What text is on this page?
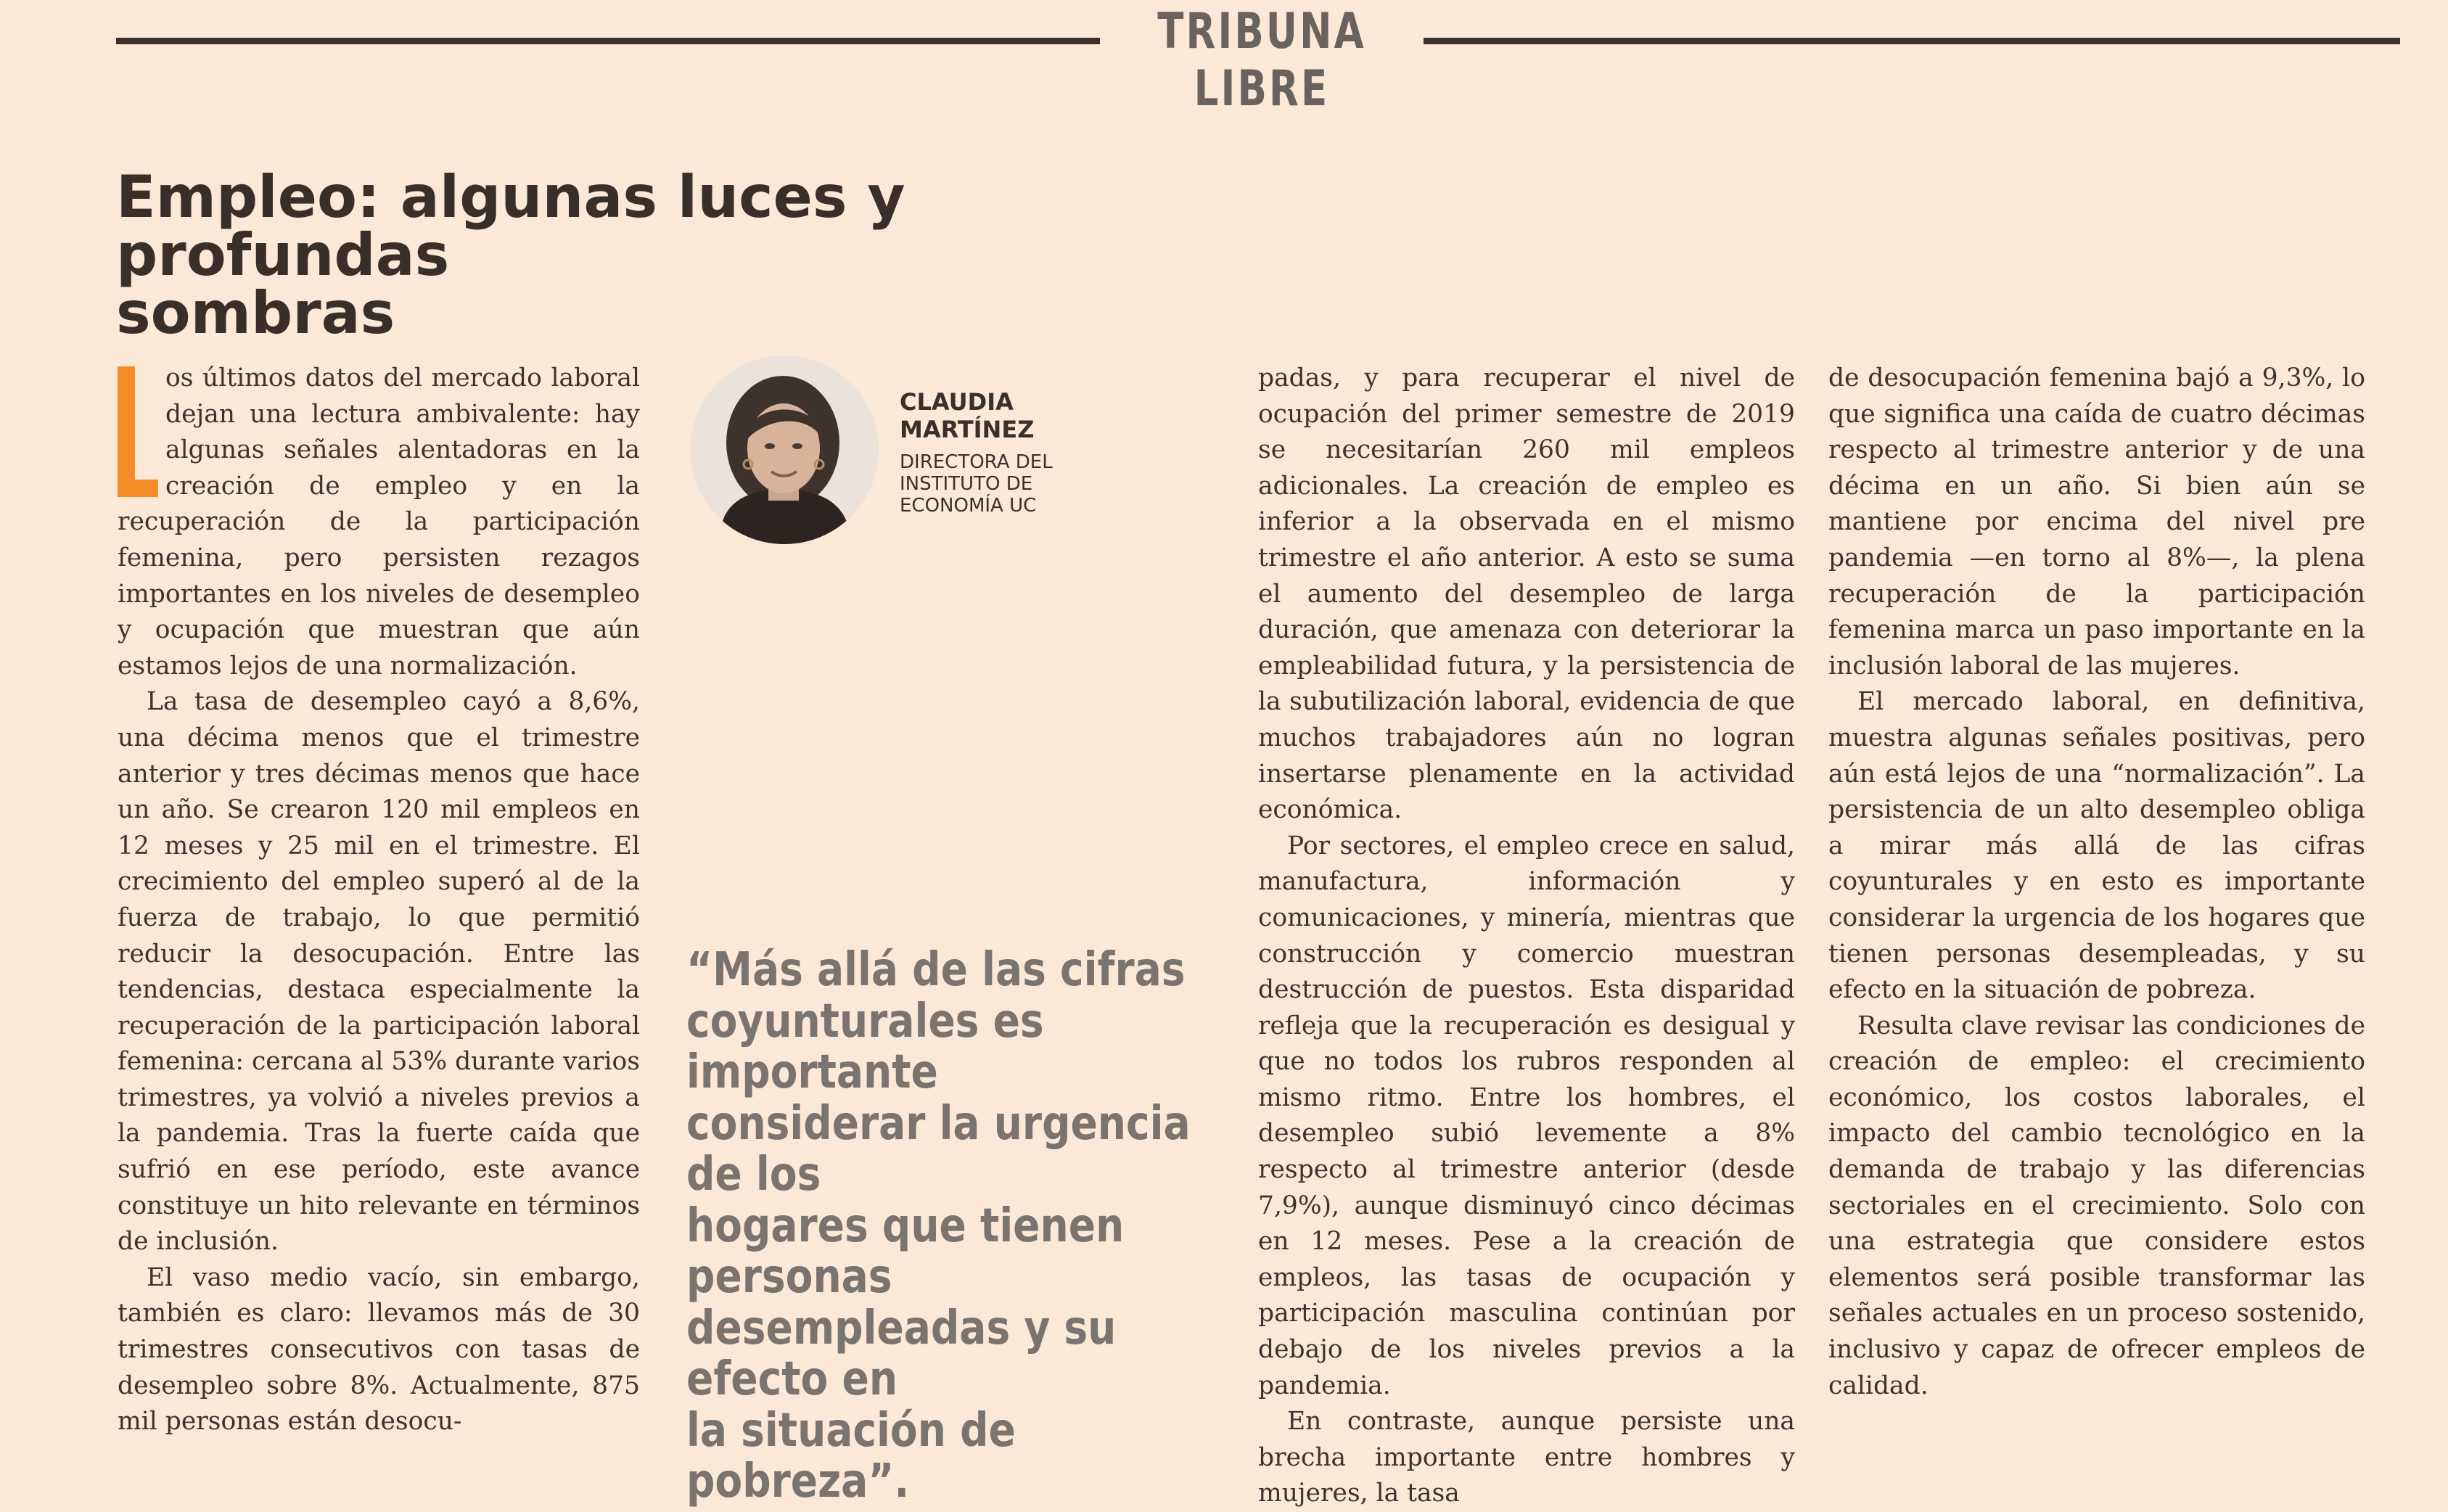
TRIBUNA LIBRE
Empleo: algunas luces y profundas
sombras

os últimos datos del mercado laboral dejan una lectura ambivalente: hay algunas señales alentadoras en la creación de empleo y en la recuperación de la participación femenina, pero persisten rezagos importantes en los niveles de desempleo y ocupación que muestran que aún estamos lejos de una normalización.

La tasa de desempleo cayó a 8,6%, una décima menos que el trimestre anterior y tres décimas menos que hace un año. Se crearon 120 mil empleos en 12 meses y 25 mil en el trimestre. El crecimiento del empleo superó al de la fuerza de trabajo, lo que permitió reducir la desocupación. Entre las tendencias, destaca especialmente la recuperación de la participación laboral femenina: cercana al 53% durante varios trimestres, ya volvió a niveles previos a la pandemia. Tras la fuerte caída que sufrió en ese período, este avance constituye un hito relevante en términos de inclusión.

El vaso medio vacío, sin embargo, también es claro: llevamos más de 30 trimestres consecutivos con tasas de desempleo sobre 8%. Actualmente, 875 mil personas están desocu-

CLAUDIA
MARTÍNEZ
DIRECTORA DEL
INSTITUTO DE
ECONOMÍA UC
“Más allá de las cifras
coyunturales es importante
considerar la urgencia de los
hogares que tienen personas
desempleadas y su efecto en
la situación de pobreza”.

padas, y para recuperar el nivel de ocupación del primer semestre de 2019 se necesitarían 260 mil empleos adicionales. La creación de empleo es inferior a la observada en el mismo trimestre el año anterior. A esto se suma el aumento del desempleo de larga duración, que amenaza con deteriorar la empleabilidad futura, y la persistencia de la subutilización laboral, evidencia de que muchos trabajadores aún no logran insertarse plenamente en la actividad económica.

Por sectores, el empleo crece en salud, manufactura, información y comunicaciones, y minería, mientras que construcción y comercio muestran destrucción de puestos. Esta disparidad refleja que la recuperación es desigual y que no todos los rubros responden al mismo ritmo. Entre los hombres, el desempleo subió levemente a 8% respecto al trimestre anterior (desde 7,9%), aunque disminuyó cinco décimas en 12 meses. Pese a la creación de empleos, las tasas de ocupación y participación masculina continúan por debajo de los niveles previos a la pandemia.

En contraste, aunque persiste una brecha importante entre hombres y mujeres, la tasa

de desocupación femenina bajó a 9,3%, lo que significa una caída de cuatro décimas respecto al trimestre anterior y de una décima en un año. Si bien aún se mantiene por encima del nivel pre pandemia —en torno al 8%—, la plena recuperación de la participación femenina marca un paso importante en la inclusión laboral de las mujeres.

El mercado laboral, en definitiva, muestra algunas señales positivas, pero aún está lejos de una “normalización”. La persistencia de un alto desempleo obliga a mirar más allá de las cifras coyunturales y en esto es importante considerar la urgencia de los hogares que tienen personas desempleadas, y su efecto en la situación de pobreza.

Resulta clave revisar las condiciones de creación de empleo: el crecimiento económico, los costos laborales, el impacto del cambio tecnológico en la demanda de trabajo y las diferencias sectoriales en el crecimiento. Solo con una estrategia que considere estos elementos será posible transformar las señales actuales en un proceso sostenido, inclusivo y capaz de ofrecer empleos de calidad.
